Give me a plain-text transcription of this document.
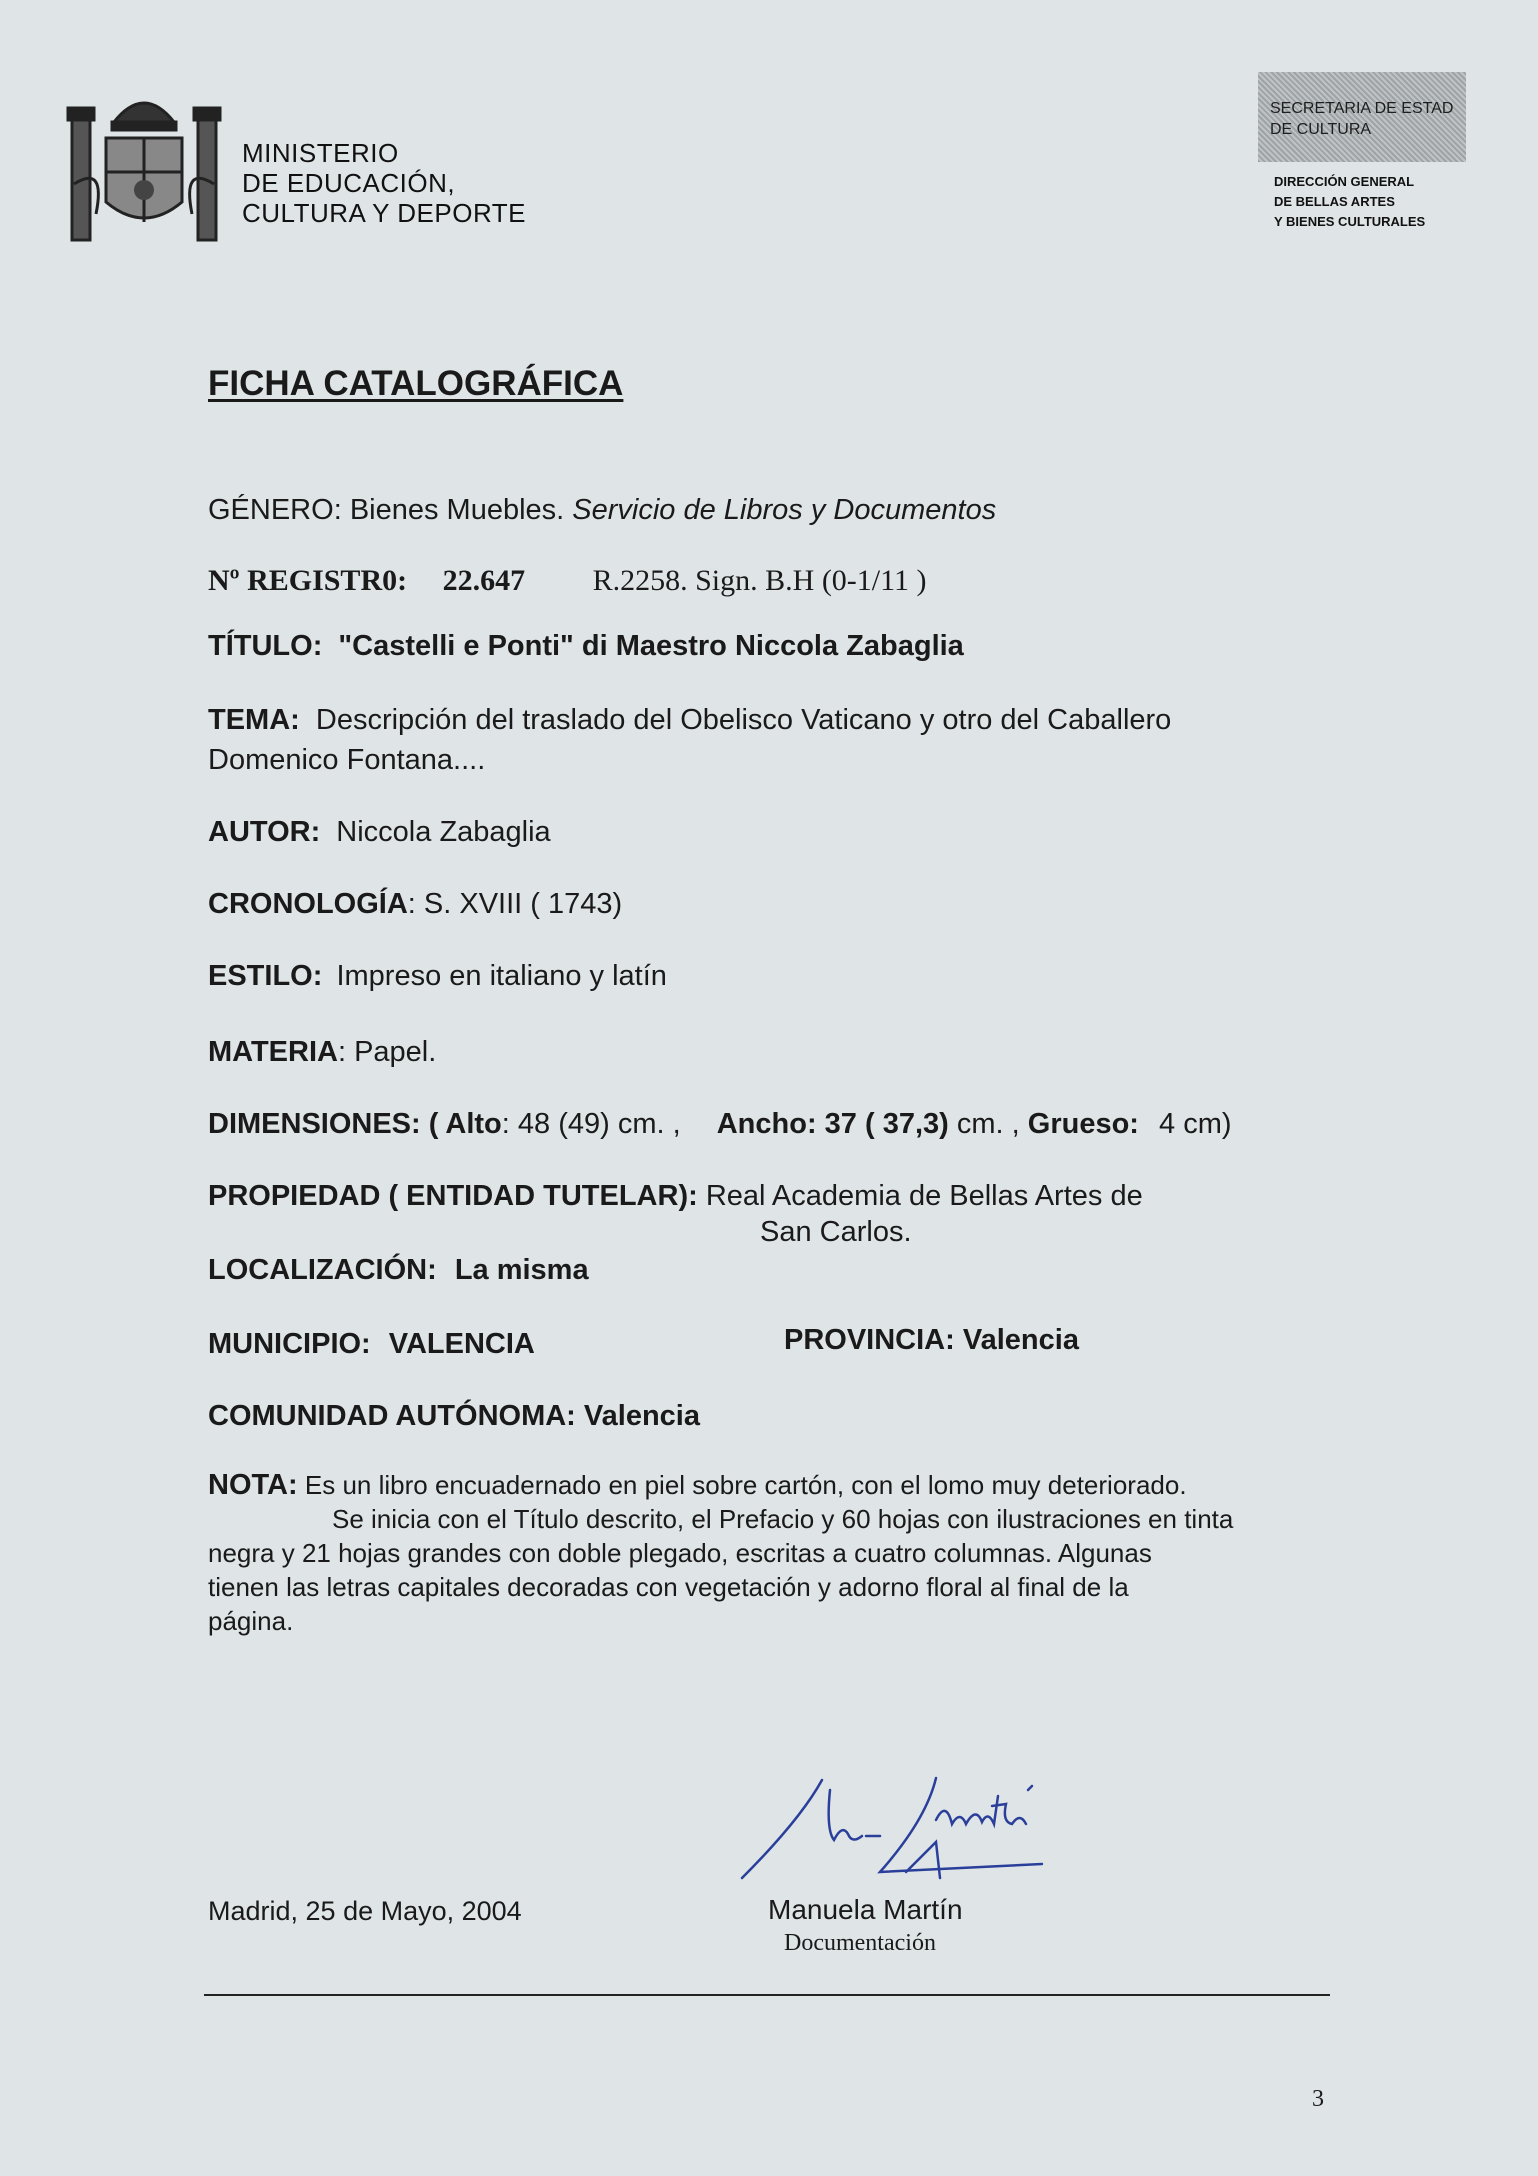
MINISTERIO
DE EDUCACIÓN,
CULTURA Y DEPORTE
SECRETARIA DE ESTAD
DE CULTURA
DIRECCIÓN GENERAL
DE BELLAS ARTES
Y BIENES CULTURALES
FICHA CATALOGRÁFICA
GÉNERO: Bienes Muebles. Servicio de Libros y Documentos
Nº REGISTR0: 22.647 R.2258. Sign. B.H (0-1/11 )
TÍTULO: "Castelli e Ponti" di Maestro Niccola Zabaglia
TEMA: Descripción del traslado del Obelisco Vaticano y otro del Caballero
Domenico Fontana....
AUTOR: Niccola Zabaglia
CRONOLOGÍA: S. XVIII ( 1743)
ESTILO: Impreso en italiano y latín
MATERIA: Papel.
DIMENSIONES: ( Alto: 48 (49) cm. , Ancho: 37 ( 37,3) cm. , Grueso: 4 cm)
PROPIEDAD ( ENTIDAD TUTELAR): Real Academia de Bellas Artes de
San Carlos.
LOCALIZACIÓN: La misma
MUNICIPIO: VALENCIA	PROVINCIA: Valencia
COMUNIDAD AUTÓNOMA: Valencia
NOTA: Es un libro encuadernado en piel sobre cartón, con el lomo muy deteriorado.
Se inicia con el Título descrito, el Prefacio y 60 hojas con ilustraciones en tinta
negra y 21 hojas grandes con doble plegado, escritas a cuatro columnas. Algunas
tienen las letras capitales decoradas con vegetación y adorno floral al final de la
página.
Madrid, 25 de Mayo, 2004	Manuela Martín
Documentación
3
